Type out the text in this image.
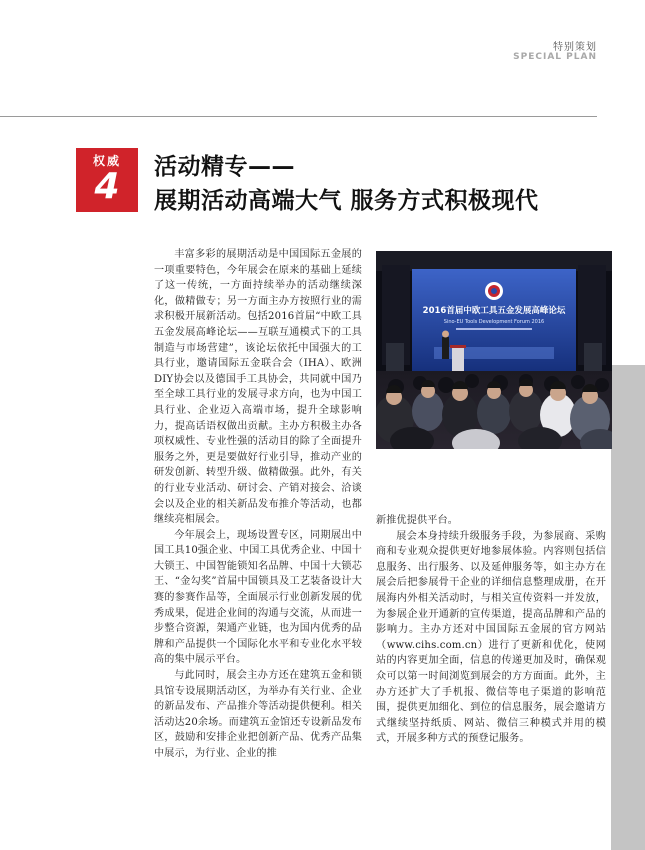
特别策划
SPECIAL PLAN
权威
4	活动精专——
展期活动高端大气 服务方式积极现代
2016首届中欧工具五金发展高峰论坛
Sino-EU Tools Development Forum 2016

丰富多彩的展期活动是中国国际五金展的一项重要特色，今年展会在原来的基础上延续了这一传统，一方面持续举办的活动继续深化，做精做专；另一方面主办方按照行业的需求积极开展新活动。包括2016首届“中欧工具五金发展高峰论坛——互联互通模式下的工具制造与市场营建”，该论坛依托中国强大的工具行业，邀请国际五金联合会（IHA）、欧洲DIY协会以及德国手工具协会，共同就中国乃至全球工具行业的发展寻求方向，也为中国工具行业、企业迈入高端市场，提升全球影响力，提高话语权做出贡献。主办方积极主办各项权威性、专业性强的活动目的除了全面提升服务之外，更是要做好行业引导，推动产业的研发创新、转型升级、做精做强。此外，有关的行业专业活动、研讨会、产销对接会、洽谈会以及企业的相关新品发布推介等活动，也都继续亮相展会。

今年展会上，现场设置专区，同期展出中国工具10强企业、中国工具优秀企业、中国十大锁王、中国智能锁知名品牌、中国十大锁芯王、“金勾奖”首届中国锁具及工艺装备设计大赛的参赛作品等，全面展示行业创新发展的优秀成果，促进企业间的沟通与交流，从而进一步整合资源，架通产业链，也为国内优秀的品牌和产品提供一个国际化水平和专业化水平较高的集中展示平台。

与此同时，展会主办方还在建筑五金和锁具馆专设展期活动区，为举办有关行业、企业的新品发布、产品推介等活动提供便利。相关活动达20余场。而建筑五金馆还专设新品发布区，鼓励和安排企业把创新产品、优秀产品集中展示，为行业、企业的推

新推优提供平台。

展会本身持续升级服务手段，为参展商、采购商和专业观众提供更好地参展体验。内容则包括信息服务、出行服务、以及延伸服务等，如主办方在展会后把参展骨干企业的详细信息整理成册，在开展海内外相关活动时，与相关宣传资料一并发放，为参展企业开通新的宣传渠道，提高品牌和产品的影响力。主办方还对中国国际五金展的官方网站（www.cihs.com.cn）进行了更新和优化，使网站的内容更加全面，信息的传递更加及时，确保观众可以第一时间浏览到展会的方方面面。此外，主办方还扩大了手机报、微信等电子渠道的影响范围，提供更加细化、到位的信息服务，展会邀请方式继续坚持纸质、网站、微信三种模式并用的模式，开展多种方式的预登记服务。
